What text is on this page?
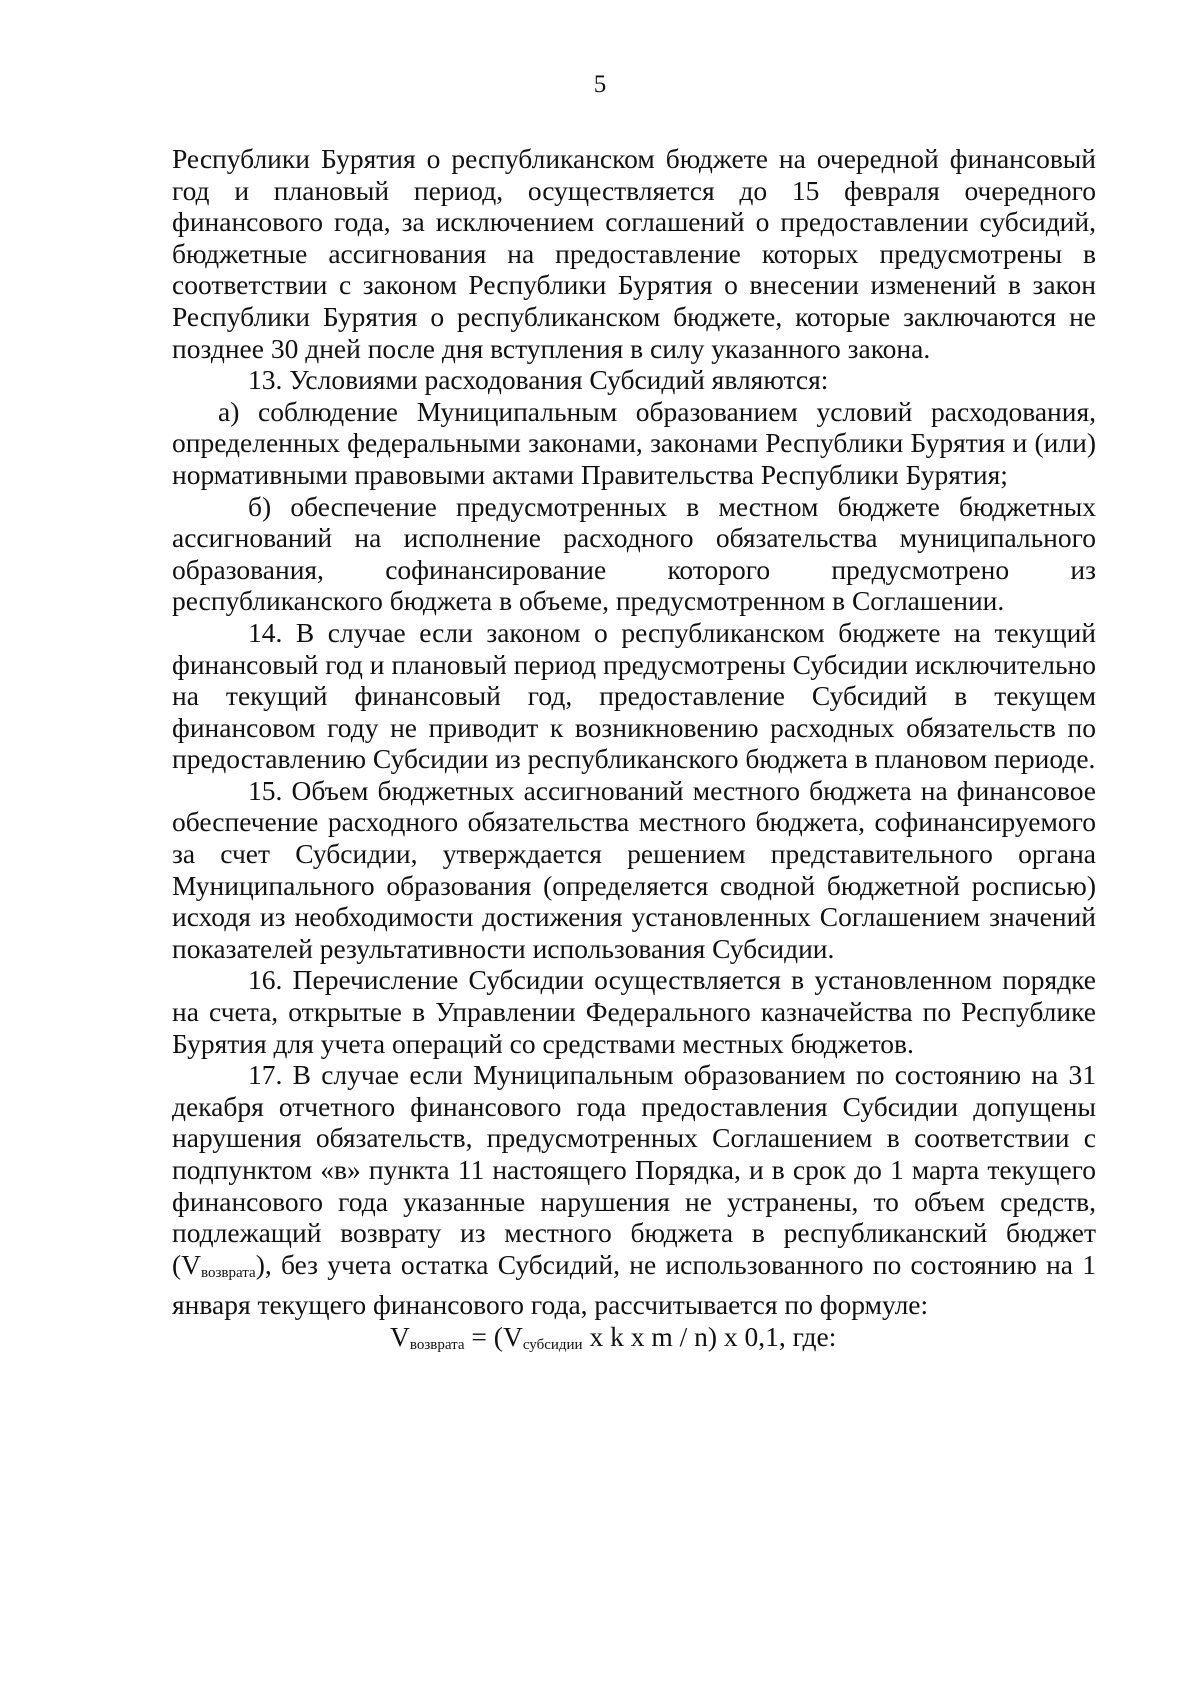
5

Республики Бурятия о республиканском бюджете на очередной финансовый год и плановый период, осуществляется до 15 февраля очередного финансового года, за исключением соглашений о предоставлении субсидий, бюджетные ассигнования на предоставление которых предусмотрены в соответствии с законом Республики Бурятия о внесении изменений в закон Республики Бурятия о республиканском бюджете, которые заключаются не позднее 30 дней после дня вступления в силу указанного закона.

13. Условиями расходования Субсидий являются:

а) соблюдение Муниципальным образованием условий расходования, определенных федеральными законами, законами Республики Бурятия и (или) нормативными правовыми актами Правительства Республики Бурятия;

б) обеспечение предусмотренных в местном бюджете бюджетных ассигнований на исполнение расходного обязательства муниципального образования, софинансирование которого предусмотрено из республиканского бюджета в объеме, предусмотренном в Соглашении.

14. В случае если законом о республиканском бюджете на текущий финансовый год и плановый период предусмотрены Субсидии исключительно на текущий финансовый год, предоставление Субсидий в текущем финансовом году не приводит к возникновению расходных обязательств по предоставлению Субсидии из республиканского бюджета в плановом периоде.

15. Объем бюджетных ассигнований местного бюджета на финансовое обеспечение расходного обязательства местного бюджета, софинансируемого за счет Субсидии, утверждается решением представительного органа Муниципального образования (определяется сводной бюджетной росписью) исходя из необходимости достижения установленных Соглашением значений показателей результативности использования Субсидии.

16. Перечисление Субсидии осуществляется в установленном порядке на счета, открытые в Управлении Федерального казначейства по Республике Бурятия для учета операций со средствами местных бюджетов.

17. В случае если Муниципальным образованием по состоянию на 31 декабря отчетного финансового года предоставления Субсидии допущены нарушения обязательств, предусмотренных Соглашением в соответствии с подпунктом «в» пункта 11 настоящего Порядка, и в срок до 1 марта текущего финансового года указанные нарушения не устранены, то объем средств, подлежащий возврату из местного бюджета в республиканский бюджет $(V_{возврата})$, без учета остатка Субсидий, не использованного по состоянию на 1 января текущего финансового года, рассчитывается по формуле:

$V_{возврата} = (V_{субсидии}$ x k x m / n) x 0,1, где:
